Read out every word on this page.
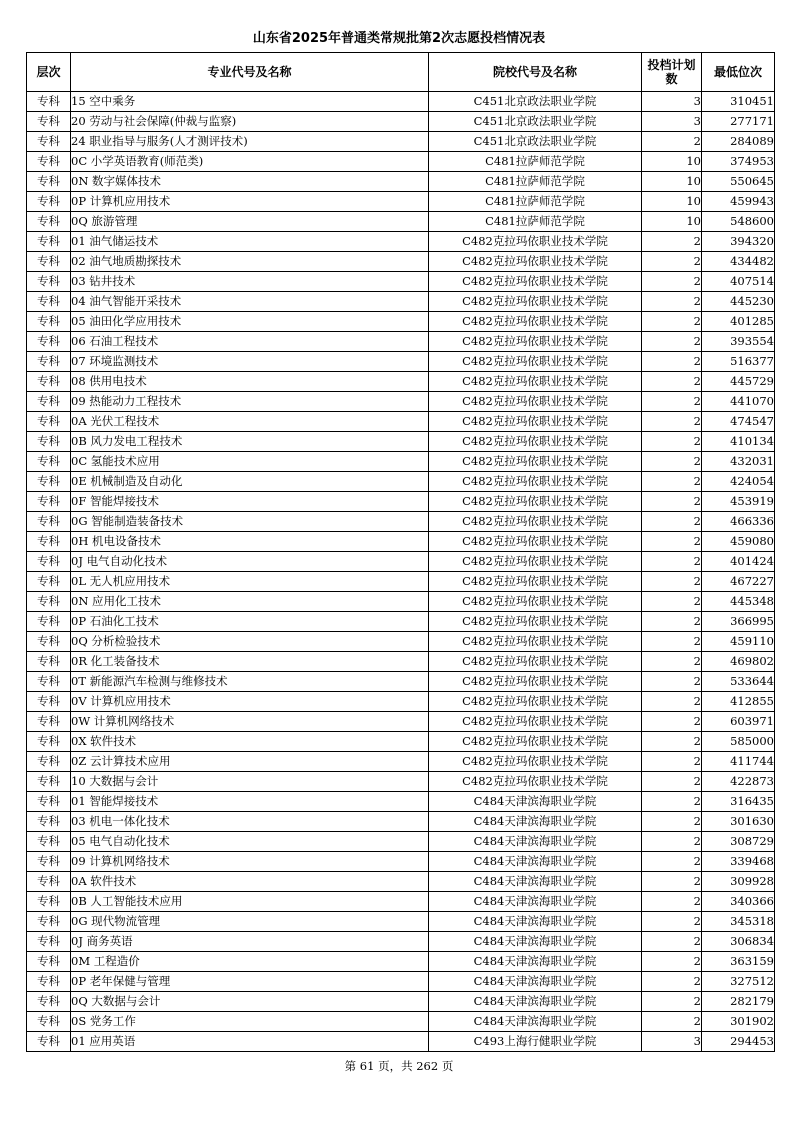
山东省2025年普通类常规批第2次志愿投档情况表
层次	专业代号及名称	院校代号及名称	投档计划数	最低位次
专科	15 空中乘务	C451北京政法职业学院	3	310451
专科	20 劳动与社会保障(仲裁与监察)	C451北京政法职业学院	3	277171
专科	24 职业指导与服务(人才测评技术)	C451北京政法职业学院	2	284089
专科	0C 小学英语教育(师范类)	C481拉萨师范学院	10	374953
专科	0N 数字媒体技术	C481拉萨师范学院	10	550645
专科	0P 计算机应用技术	C481拉萨师范学院	10	459943
专科	0Q 旅游管理	C481拉萨师范学院	10	548600
专科	01 油气储运技术	C482克拉玛依职业技术学院	2	394320
专科	02 油气地质勘探技术	C482克拉玛依职业技术学院	2	434482
专科	03 钻井技术	C482克拉玛依职业技术学院	2	407514
专科	04 油气智能开采技术	C482克拉玛依职业技术学院	2	445230
专科	05 油田化学应用技术	C482克拉玛依职业技术学院	2	401285
专科	06 石油工程技术	C482克拉玛依职业技术学院	2	393554
专科	07 环境监测技术	C482克拉玛依职业技术学院	2	516377
专科	08 供用电技术	C482克拉玛依职业技术学院	2	445729
专科	09 热能动力工程技术	C482克拉玛依职业技术学院	2	441070
专科	0A 光伏工程技术	C482克拉玛依职业技术学院	2	474547
专科	0B 风力发电工程技术	C482克拉玛依职业技术学院	2	410134
专科	0C 氢能技术应用	C482克拉玛依职业技术学院	2	432031
专科	0E 机械制造及自动化	C482克拉玛依职业技术学院	2	424054
专科	0F 智能焊接技术	C482克拉玛依职业技术学院	2	453919
专科	0G 智能制造装备技术	C482克拉玛依职业技术学院	2	466336
专科	0H 机电设备技术	C482克拉玛依职业技术学院	2	459080
专科	0J 电气自动化技术	C482克拉玛依职业技术学院	2	401424
专科	0L 无人机应用技术	C482克拉玛依职业技术学院	2	467227
专科	0N 应用化工技术	C482克拉玛依职业技术学院	2	445348
专科	0P 石油化工技术	C482克拉玛依职业技术学院	2	366995
专科	0Q 分析检验技术	C482克拉玛依职业技术学院	2	459110
专科	0R 化工装备技术	C482克拉玛依职业技术学院	2	469802
专科	0T 新能源汽车检测与维修技术	C482克拉玛依职业技术学院	2	533644
专科	0V 计算机应用技术	C482克拉玛依职业技术学院	2	412855
专科	0W 计算机网络技术	C482克拉玛依职业技术学院	2	603971
专科	0X 软件技术	C482克拉玛依职业技术学院	2	585000
专科	0Z 云计算技术应用	C482克拉玛依职业技术学院	2	411744
专科	10 大数据与会计	C482克拉玛依职业技术学院	2	422873
专科	01 智能焊接技术	C484天津滨海职业学院	2	316435
专科	03 机电一体化技术	C484天津滨海职业学院	2	301630
专科	05 电气自动化技术	C484天津滨海职业学院	2	308729
专科	09 计算机网络技术	C484天津滨海职业学院	2	339468
专科	0A 软件技术	C484天津滨海职业学院	2	309928
专科	0B 人工智能技术应用	C484天津滨海职业学院	2	340366
专科	0G 现代物流管理	C484天津滨海职业学院	2	345318
专科	0J 商务英语	C484天津滨海职业学院	2	306834
专科	0M 工程造价	C484天津滨海职业学院	2	363159
专科	0P 老年保健与管理	C484天津滨海职业学院	2	327512
专科	0Q 大数据与会计	C484天津滨海职业学院	2	282179
专科	0S 党务工作	C484天津滨海职业学院	2	301902
专科	01 应用英语	C493上海行健职业学院	3	294453
第 61 页，共 262 页
